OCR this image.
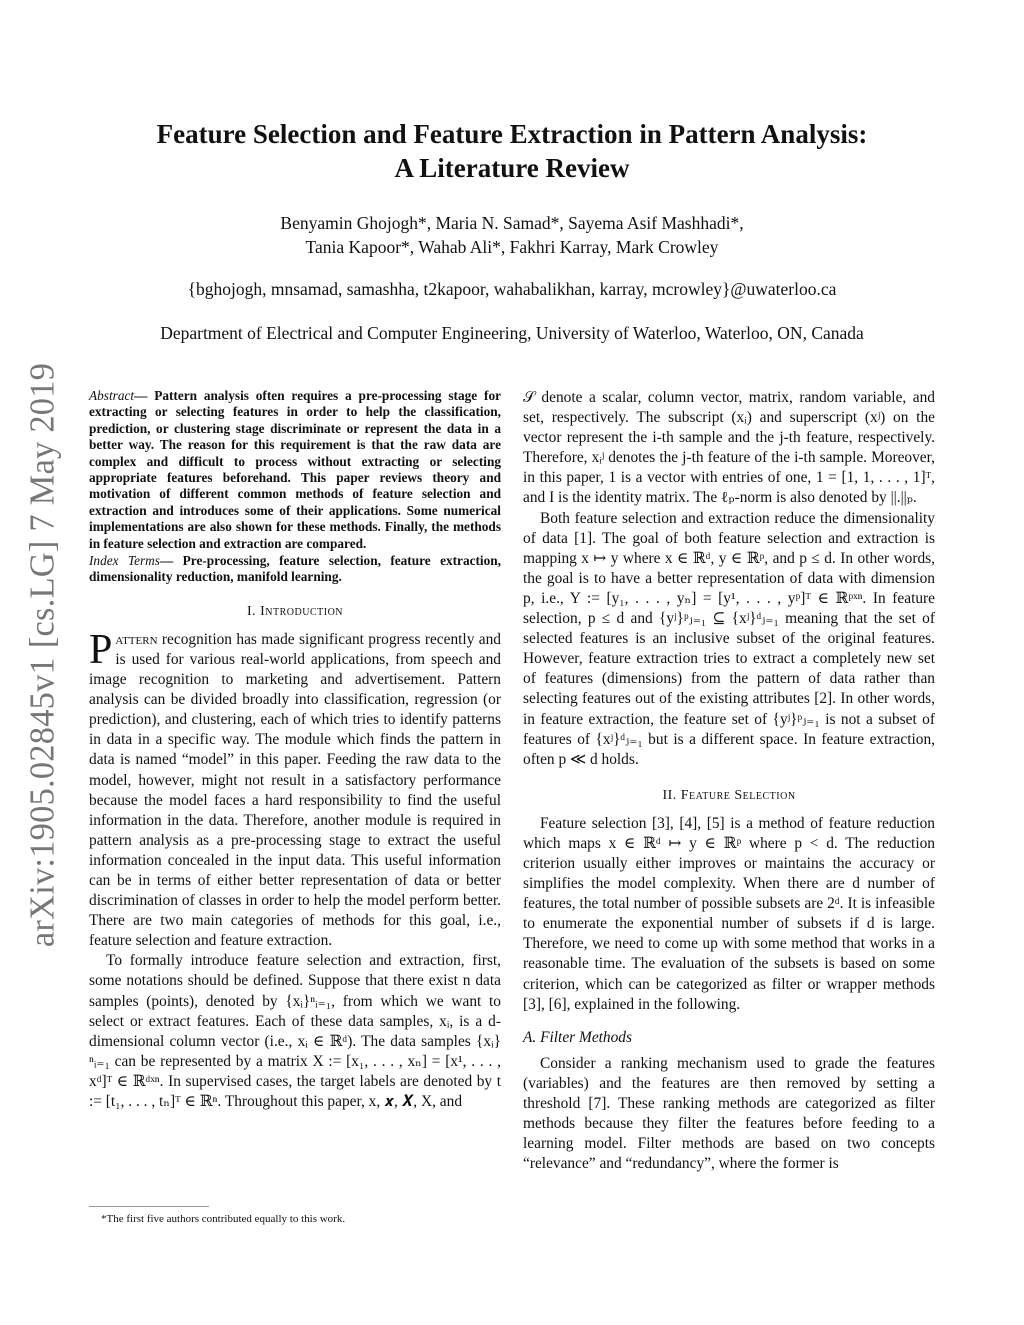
arXiv:1905.02845v1 [cs.LG] 7 May 2019
Feature Selection and Feature Extraction in Pattern Analysis:
A Literature Review
Benyamin Ghojogh*, Maria N. Samad*, Sayema Asif Mashhadi*,
Tania Kapoor*, Wahab Ali*, Fakhri Karray, Mark Crowley
{bghojogh, mnsamad, samashha, t2kapoor, wahabalikhan, karray, mcrowley}@uwaterloo.ca
Department of Electrical and Computer Engineering, University of Waterloo, Waterloo, ON, Canada

Abstract— Pattern analysis often requires a pre-processing stage for extracting or selecting features in order to help the classification, prediction, or clustering stage discriminate or represent the data in a better way. The reason for this requirement is that the raw data are complex and difficult to process without extracting or selecting appropriate features beforehand. This paper reviews theory and motivation of different common methods of feature selection and extraction and introduces some of their applications. Some numerical implementations are also shown for these methods. Finally, the methods in feature selection and extraction are compared.

Index Terms— Pre-processing, feature selection, feature extraction, dimensionality reduction, manifold learning.

I. Introduction

Pattern recognition has made significant progress recently and is used for various real-world applications, from speech and image recognition to marketing and advertisement. Pattern analysis can be divided broadly into classification, regression (or prediction), and clustering, each of which tries to identify patterns in data in a specific way. The module which finds the pattern in data is named “model” in this paper. Feeding the raw data to the model, however, might not result in a satisfactory performance because the model faces a hard responsibility to find the useful information in the data. Therefore, another module is required in pattern analysis as a pre-processing stage to extract the useful information concealed in the input data. This useful information can be in terms of either better representation of data or better discrimination of classes in order to help the model perform better. There are two main categories of methods for this goal, i.e., feature selection and feature extraction.

To formally introduce feature selection and extraction, first, some notations should be defined. Suppose that there exist n data samples (points), denoted by {xᵢ}ⁿᵢ₌₁, from which we want to select or extract features. Each of these data samples, xᵢ, is a d-dimensional column vector (i.e., xᵢ ∈ ℝᵈ). The data samples {xᵢ}ⁿᵢ₌₁ can be represented by a matrix X := [x₁, . . . , xₙ] = [x¹, . . . , xᵈ]ᵀ ∈ ℝᵈˣⁿ. In supervised cases, the target labels are denoted by t := [t₁, . . . , tₙ]ᵀ ∈ ℝⁿ. Throughout this paper, x, 𝒙, 𝑿, X, and

*The first five authors contributed equally to this work.

𝒮 denote a scalar, column vector, matrix, random variable, and set, respectively. The subscript (xᵢ) and superscript (xʲ) on the vector represent the i-th sample and the j-th feature, respectively. Therefore, xᵢʲ denotes the j-th feature of the i-th sample. Moreover, in this paper, 1 is a vector with entries of one, 1 = [1, 1, . . . , 1]ᵀ, and I is the identity matrix. The ℓₚ-norm is also denoted by ||.||ₚ.

Both feature selection and extraction reduce the dimensionality of data [1]. The goal of both feature selection and extraction is mapping x ↦ y where x ∈ ℝᵈ, y ∈ ℝᵖ, and p ≤ d. In other words, the goal is to have a better representation of data with dimension p, i.e., Y := [y₁, . . . , yₙ] = [y¹, . . . , yᵖ]ᵀ ∈ ℝᵖˣⁿ. In feature selection, p ≤ d and {yʲ}ᵖⱼ₌₁ ⊆ {xʲ}ᵈⱼ₌₁ meaning that the set of selected features is an inclusive subset of the original features. However, feature extraction tries to extract a completely new set of features (dimensions) from the pattern of data rather than selecting features out of the existing attributes [2]. In other words, in feature extraction, the feature set of {yʲ}ᵖⱼ₌₁ is not a subset of features of {xʲ}ᵈⱼ₌₁ but is a different space. In feature extraction, often p ≪ d holds.

II. Feature Selection

Feature selection [3], [4], [5] is a method of feature reduction which maps x ∈ ℝᵈ ↦ y ∈ ℝᵖ where p < d. The reduction criterion usually either improves or maintains the accuracy or simplifies the model complexity. When there are d number of features, the total number of possible subsets are 2ᵈ. It is infeasible to enumerate the exponential number of subsets if d is large. Therefore, we need to come up with some method that works in a reasonable time. The evaluation of the subsets is based on some criterion, which can be categorized as filter or wrapper methods [3], [6], explained in the following.

A. Filter Methods

Consider a ranking mechanism used to grade the features (variables) and the features are then removed by setting a threshold [7]. These ranking methods are categorized as filter methods because they filter the features before feeding to a learning model. Filter methods are based on two concepts “relevance” and “redundancy”, where the former is
